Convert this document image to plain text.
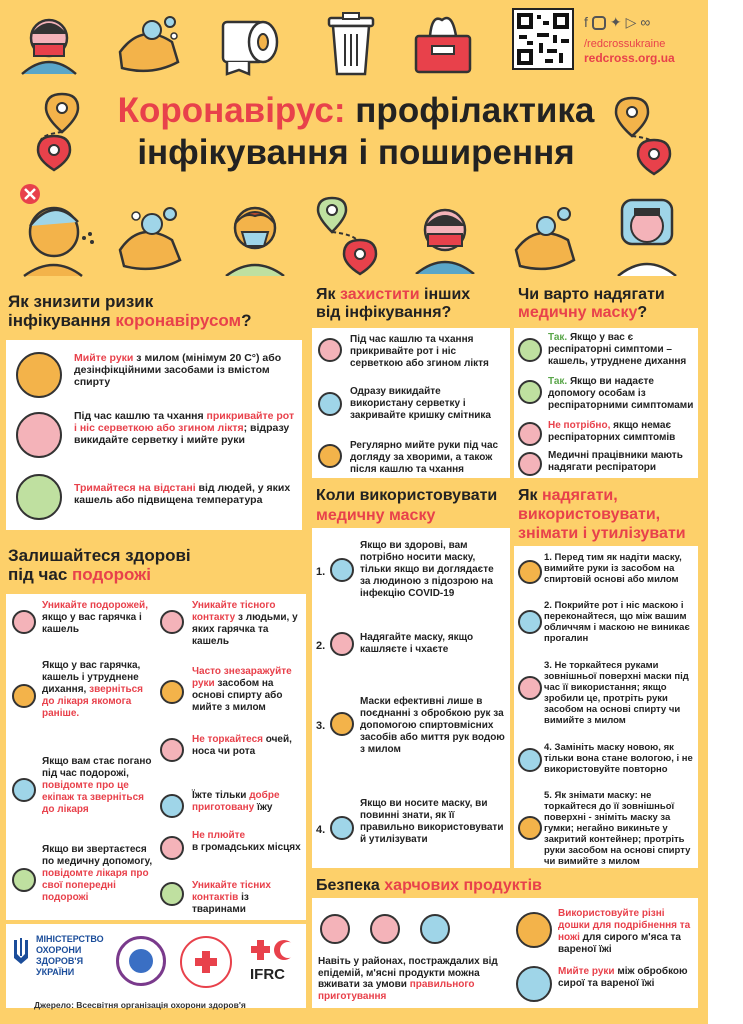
f ✦ ▷ ∞
/redcrossukraine
redcross.org.ua
Коронавірус: профілактика
інфікування і поширення
Як знизити ризик
інфікування коронавірусом?
Мийте руки з милом (мінімум 20 С°) або дезінфікційними засобами із вмістом спирту
Під час кашлю та чхання прикривайте рот і ніс серветкою або згином ліктя; відразу викидайте серветку і мийте руки
Тримайтеся на відстані від людей, у яких кашель або підвищена температура
Як захистити інших
від інфікування?
Під час кашлю та чхання прикривайте рот і ніс серветкою або згином ліктя
Одразу викидайте використану серветку і закривайте кришку смітника
Регулярно мийте руки під час догляду за хворими, а також після кашлю та чхання
Чи варто надягати
медичну маску?
Так. Якщо у вас є респіраторні симптоми – кашель, утруднене дихання
Так. Якщо ви надаєте допомогу особам із респіраторними симптомами
Не потрібно, якщо немає респіраторних симптомів
Медичні працівники мають надягати респіратори
Коли використовувати
медичну маску
1.
Якщо ви здорові, вам потрібно носити маску, тільки якщо ви доглядаєте за людиною з підозрою на інфекцію COVID-19
2.
Надягайте маску, якщо кашляєте і чхаєте
3.
Маски ефективні лише в поєднанні з обробкою рук за допомогою спиртовмісних засобів або миття рук водою з милом
4.
Якщо ви носите маску, ви повинні знати, як її правильно використовувати й утилізувати
Як надягати, використовувати, знімати і утилізувати
1. Перед тим як надіти маску, вимийте руки із засобом на спиртовій основі або милом
2. Покрийте рот і ніс маскою і переконайтеся, що між вашим обличчям і маскою не виникає прогалин
3. Не торкайтеся руками зовнішньої поверхні маски під час її використання; якщо зробили це, протріть руки засобом на основі спирту чи вимийте з милом
4. Замініть маску новою, як тільки вона стане вологою, і не використовуйте повторно
5. Як знімати маску: не торкайтеся до її зовнішньої поверхні - зніміть маску за гумки; негайно викиньте у закритий контейнер; протріть руки засобом на основі спирту чи вимийте з милом
Залишайтеся здорові
під час подорожі
Уникайте подорожей, якщо у вас гарячка і кашель
Якщо у вас гарячка, кашель і утруднене дихання, зверніться до лікаря якомога раніше.
Якщо вам стає погано під час подорожі, повідомте про це екіпаж та зверніться до лікаря
Якщо ви звертаєтеся по медичну допомогу, повідомте лікаря про свої попередні подорожі
Уникайте тісного контакту з людьми, у яких гарячка та кашель
Часто знезаражуйте руки засобом на основі спирту або мийте з милом
Не торкайтеся очей, носа чи рота
Їжте тільки добре приготовану їжу
Не плюйте
в громадських місцях
Уникайте тісних контактів із тваринами
Безпека харчових продуктів
Навіть у районах, постраждалих від епідемій, м'ясні продукти можна вживати за умови правильного приготування
Використовуйте різні дошки для подрібнення та ножі для сирого м'яса та вареної їжі
Мийте руки між обробкою сирої та вареної їжі
МІНІСТЕРСТВО ОХОРОНИ ЗДОРОВ'Я УКРАЇНИ	IFRC
Джерело: Всесвітня організація охорони здоров'я
